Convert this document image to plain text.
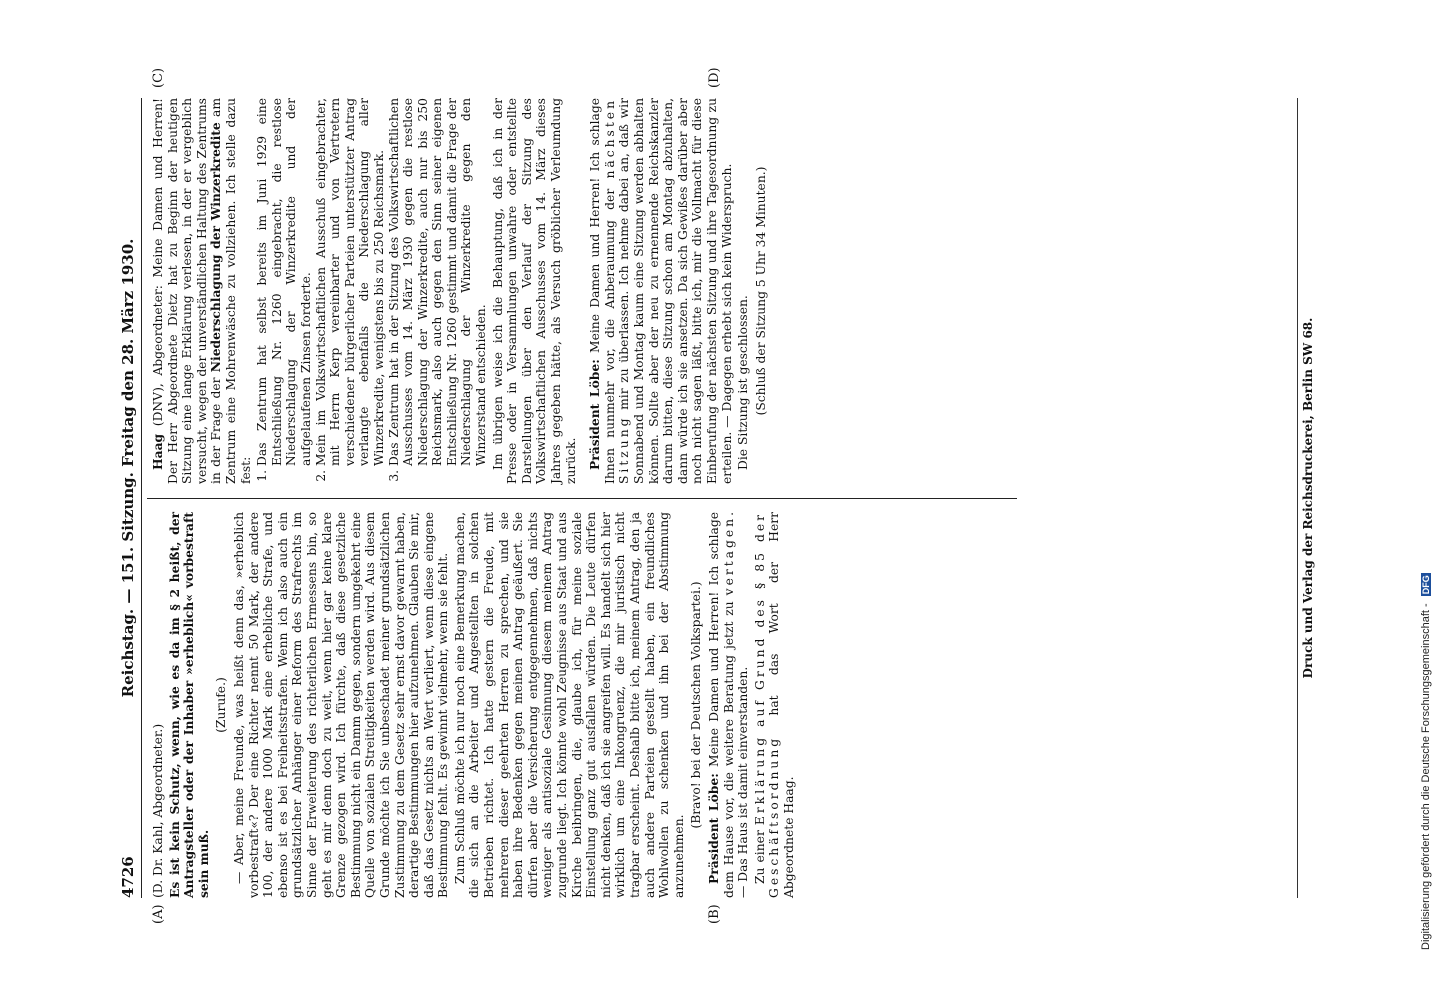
4726
Reichstag. — 151. Sitzung. Freitag den 28. März 1930.
(A)	(B)
(C)	(D)

(D. Dr. Kahl, Abgeordneter.) Es ist kein Schutz, wenn, wie es da im § 2 heißt, der Antragsteller oder der Inhaber »erheblich« vorbestraft sein muß.

(Zurufe.) — Aber, meine Freunde, was heißt denn das, »erheblich vorbestraft«? Der eine Richter nennt 50 Mark, der andere 100, der andere 1000 Mark eine erhebliche Strafe, und ebenso ist es bei Freiheitsstrafen. Wenn ich also auch ein grundsätzlicher Anhänger einer Reform des Strafrechts im Sinne der Erweiterung des richterlichen Ermessens bin, so geht es mir denn doch zu weit, wenn hier gar keine klare Grenze gezogen wird. Ich fürchte, daß diese gesetzliche Bestimmung nicht ein Damm gegen, sondern umgekehrt eine Quelle von sozialen Streitigkeiten werden wird. Aus diesem Grunde möchte ich Sie unbeschadet meiner grundsätzlichen Zustimmung zu dem Gesetz sehr ernst davor gewarnt haben, derartige Bestimmungen hier aufzunehmen. Glauben Sie mir, daß das Gesetz nichts an Wert verliert, wenn diese eingene Bestimmung fehlt. Es gewinnt vielmehr, wenn sie fehlt. Zum Schluß möchte ich nur noch eine Bemerkung machen, die sich an die Arbeiter und Angestellten in solchen Betrieben richtet. Ich hatte gestern die Freude, mit mehreren dieser geehrten Herren zu sprechen, und sie haben ihre Bedenken gegen meinen Antrag geäußert. Sie dürfen aber die Versicherung entgegennehmen, daß nichts weniger als antisoziale Gesinnung diesem meinem Antrag zugrunde liegt. Ich könnte wohl Zeugnisse aus Staat und aus Kirche beibringen, die, glaube ich, für meine soziale Einstellung ganz gut ausfallen würden. Die Leute dürfen nicht denken, daß ich sie angreifen will. Es handelt sich hier wirklich um eine Inkongruenz, die mir juristisch nicht tragbar erscheint. Deshalb bitte ich, meinem Antrag, den ja auch andere Parteien gestellt haben, ein freundliches Wohlwollen zu schenken und ihn bei der Abstimmung anzunehmen.

(Bravo! bei der Deutschen Volkspartei.)

Präsident Löbe: Meine Damen und Herren! Ich schlage dem Hause vor, die weitere Beratung jetzt zu vertagen. — Das Haus ist damit einverstanden. Zu einer Erklärung auf Grund des § 85 der Geschäftsordnung hat das Wort der Herr Abgeordnete Haag.

Haag (DNV), Abgeordneter: Meine Damen und Herren! Der Herr Abgeordnete Dietz hat zu Beginn der heutigen Sitzung eine lange Erklärung verlesen, in der er vergeblich versucht, wegen der unverständlichen Haltung des Zentrums in der Frage der Niederschlagung der Winzerkredite am Zentrum eine Mohrenwäsche zu vollziehen. Ich stelle dazu fest:

1. Das Zentrum hat selbst bereits im Juni 1929 eine Entschließung Nr. 1260 eingebracht, die restlose Niederschlagung der Winzerkredite und der aufgelaufenen Zinsen forderte. 2. Mein im Volkswirtschaftlichen Ausschuß eingebrachter, mit Herrn Kerp vereinbarter und von Vertretern verschiedener bürgerlicher Parteien unterstützter Antrag verlangte ebenfalls die Niederschlagung aller Winzerkredite, wenigstens bis zu 250 Reichsmark. 3. Das Zentrum hat in der Sitzung des Volkswirtschaftlichen Ausschusses vom 14. März 1930 gegen die restlose Niederschlagung der Winzerkredite, auch nur bis 250 Reichsmark, also auch gegen den Sinn seiner eigenen Entschließung Nr. 1260 gestimmt und damit die Frage der Niederschlagung der Winzerkredite gegen den Winzerstand entschieden. Im übrigen weise ich die Behauptung, daß ich in der Presse oder in Versammlungen unwahre oder entstellte Darstellungen über den Verlauf der Sitzung des Volkswirtschaftlichen Ausschusses vom 14. März dieses Jahres gegeben hätte, als Versuch gröblicher Verleumdung zurück. Präsident Löbe: Meine Damen und Herren! Ich schlage Ihnen nunmehr vor, die Anberaumung der nächsten Sitzung mir zu überlassen. Ich nehme dabei an, daß wir Sonnabend und Montag kaum eine Sitzung werden abhalten können. Sollte aber der neu zu ernennende Reichskanzler darum bitten, diese Sitzung schon am Montag abzuhalten, dann würde ich sie ansetzen. Da sich Gewißes darüber aber noch nicht sagen läßt, bitte ich, mir die Vollmacht für diese Einberufung der nächsten Sitzung und ihre Tagesordnung zu erteilen. — Dagegen erhebt sich kein Widerspruch. Die Sitzung ist geschlossen. (Schluß der Sitzung 5 Uhr 34 Minuten.)

Druck und Verlag der Reichsdruckerei, Berlin SW 68.
Digitalisierung gefördert durch die Deutsche Forschungsgemeinschaft - DFG
